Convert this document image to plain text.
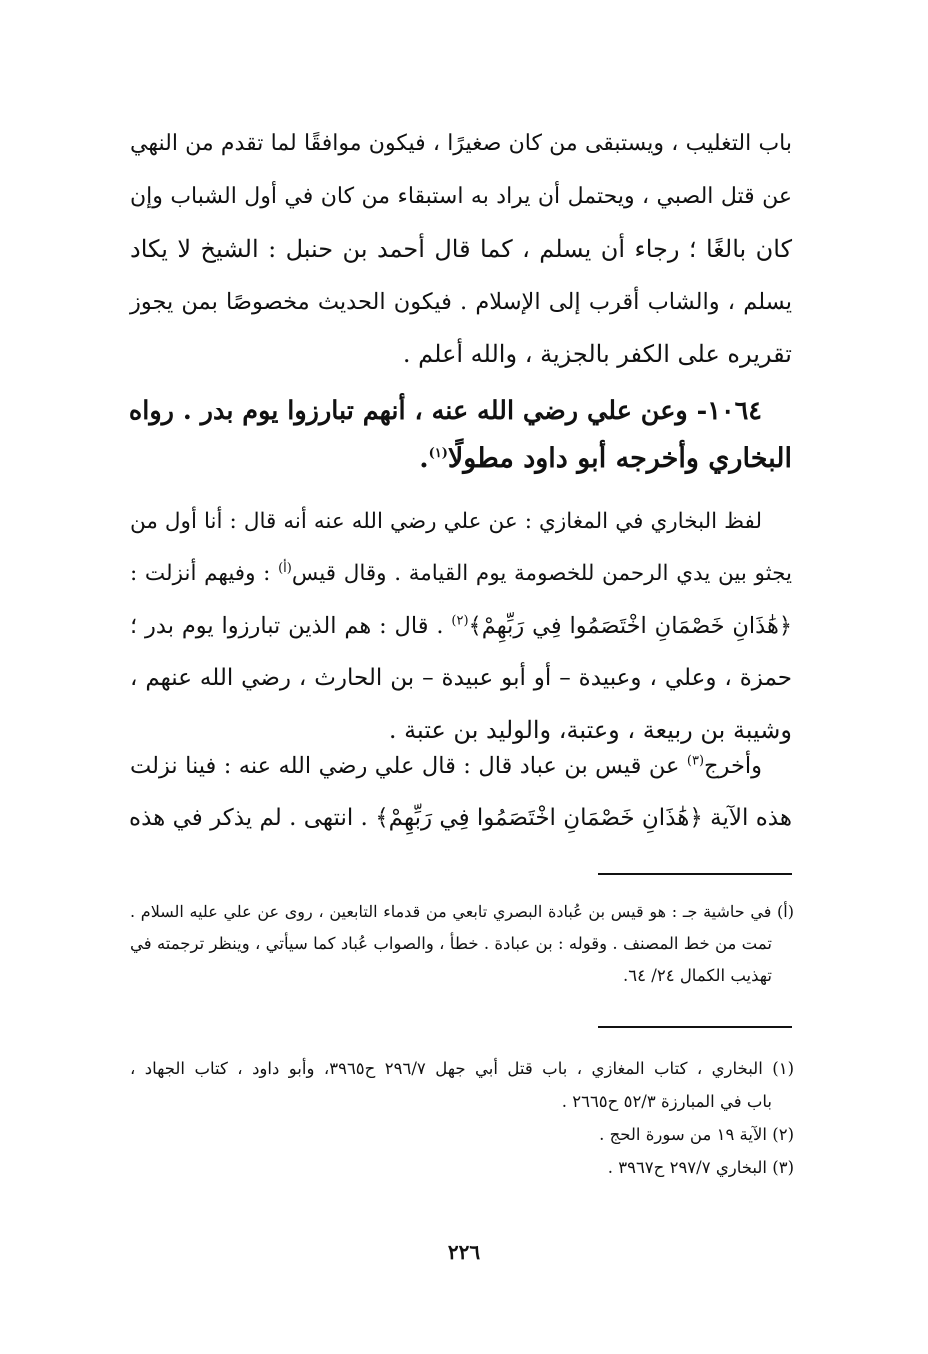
باب التغليب ، ويستبقى من كان صغيرًا ، فيكون موافقًا لما تقدم من النهي
عن قتل الصبي ، ويحتمل أن يراد به استبقاء من كان في أول الشباب وإن
كان بالغًا ؛ رجاء أن يسلم ، كما قال أحمد بن حنبل : الشيخ لا يكاد
يسلم ، والشاب أقرب إلى الإسلام . فيكون الحديث مخصوصًا بمن يجوز
تقريره على الكفر بالجزية ، والله أعلم .
١٠٦٤- وعن علي رضي الله عنه ، أنهم تبارزوا يوم بدر . رواه
البخاري وأخرجه أبو داود مطولًا$^{(١)}$.
لفظ البخاري في المغازي : عن علي رضي الله عنه أنه قال : أنا أول من
يجثو بين يدي الرحمن للخصومة يوم القيامة . وقال قيس$^{(أ)}$ : وفيهم أنزلت :
﴿هَٰذَانِ خَصْمَانِ اخْتَصَمُوا فِي رَبِّهِمْ﴾$^{(٢)}$ . قال : هم الذين تبارزوا يوم بدر ؛
حمزة ، وعلي ، وعبيدة – أو أبو عبيدة – بن الحارث ، رضي الله عنهم ،
وشيبة بن ربيعة ، وعتبة، والوليد بن عتبة .
وأخرج$^{(٣)}$ عن قيس بن عباد قال : قال علي رضي الله عنه : فينا نزلت
هذه الآية ﴿هَٰذَانِ خَصْمَانِ اخْتَصَمُوا فِي رَبِّهِمْ﴾ . انتهى . لم يذكر في هذه
(أ) في حاشية جـ : هو قيس بن عُبادة البصري تابعي من قدماء التابعين ، روى عن علي عليه السلام .
تمت من خط المصنف . وقوله : بن عبادة . خطأ ، والصواب عُباد كما سيأتي ، وينظر ترجمته في
تهذيب الكمال ٢٤/ ٦٤.
(١) البخاري ، كتاب المغازي ، باب قتل أبي جهل ٢٩٦/٧ ح٣٩٦٥، وأبو داود ، كتاب الجهاد ،
باب في المبارزة ٥٢/٣ ح٢٦٦٥ .
(٢) الآية ١٩ من سورة الحج .
(٣) البخاري ٢٩٧/٧ ح٣٩٦٧ .
٢٢٦
